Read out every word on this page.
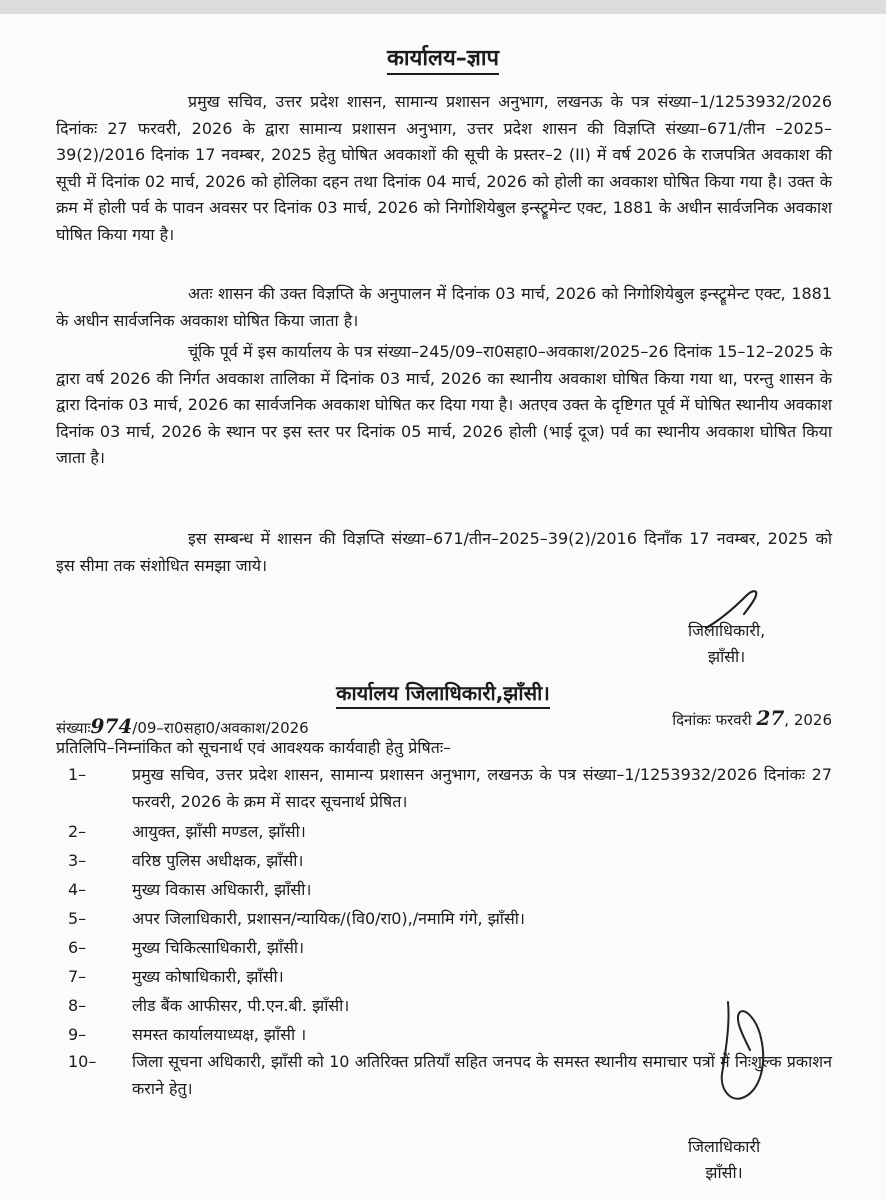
कार्यालय–ज्ञाप

प्रमुख सचिव, उत्तर प्रदेश शासन, सामान्य प्रशासन अनुभाग, लखनऊ के पत्र संख्या–1/1253932/2026 दिनांकः 27 फरवरी, 2026 के द्वारा सामान्य प्रशासन अनुभाग, उत्तर प्रदेश शासन की विज्ञप्ति संख्या–671/तीन –2025–39(2)/2016 दिनांक 17 नवम्बर, 2025 हेतु घोषित अवकाशों की सूची के प्रस्तर–2 (II) में वर्ष 2026 के राजपत्रित अवकाश की सूची में दिनांक 02 मार्च, 2026 को होलिका दहन तथा दिनांक 04 मार्च, 2026 को होली का अवकाश घोषित किया गया है। उक्त के क्रम में होली पर्व के पावन अवसर पर दिनांक 03 मार्च, 2026 को निगोशियेबुल इन्स्ट्रूमेन्ट एक्ट, 1881 के अधीन सार्वजनिक अवकाश घोषित किया गया है।

अतः शासन की उक्त विज्ञप्ति के अनुपालन में दिनांक 03 मार्च, 2026 को निगोशियेबुल इन्स्ट्रूमेन्ट एक्ट, 1881 के अधीन सार्वजनिक अवकाश घोषित किया जाता है।

चूंकि पूर्व में इस कार्यालय के पत्र संख्या–245/09–रा0सहा0–अवकाश/2025–26 दिनांक 15–12–2025 के द्वारा वर्ष 2026 की निर्गत अवकाश तालिका में दिनांक 03 मार्च, 2026 का स्थानीय अवकाश घोषित किया गया था, परन्तु शासन के द्वारा दिनांक 03 मार्च, 2026 का सार्वजनिक अवकाश घोषित कर दिया गया है। अतएव उक्त के दृष्टिगत पूर्व में घोषित स्थानीय अवकाश दिनांक 03 मार्च, 2026 के स्थान पर इस स्तर पर दिनांक 05 मार्च, 2026 होली (भाई दूज) पर्व का स्थानीय अवकाश घोषित किया जाता है।

इस सम्बन्ध में शासन की विज्ञप्ति संख्या–671/तीन–2025–39(2)/2016 दिनाँक 17 नवम्बर, 2025 को इस सीमा तक संशोधित समझा जाये।

जिलाधिकारी,
झाँसी।
कार्यालय जिलाधिकारी,झाँसी।
संख्याः974/09–रा0सहा0/अवकाश/2026	दिनांकः फरवरी 27, 2026
प्रतिलिपि–निम्नांकित को सूचनार्थ एवं आवश्यक कार्यवाही हेतु प्रेषितः–
1–	प्रमुख सचिव, उत्तर प्रदेश शासन, सामान्य प्रशासन अनुभाग, लखनऊ के पत्र संख्या–1/1253932/2026 दिनांकः 27 फरवरी, 2026 के क्रम में सादर सूचनार्थ प्रेषित।
2–	आयुक्त, झाँसी मण्डल, झाँसी।
3–	वरिष्ठ पुलिस अधीक्षक, झाँसी।
4–	मुख्य विकास अधिकारी, झाँसी।
5–	अपर जिलाधिकारी, प्रशासन/न्यायिक/(वि0/रा0),/नमामि गंगे, झाँसी।
6–	मुख्य चिकित्साधिकारी, झाँसी।
7–	मुख्य कोषाधिकारी, झाँसी।
8–	लीड बैंक आफीसर, पी.एन.बी. झाँसी।
9–	समस्त कार्यालयाध्यक्ष, झाँसी ।
10– जिला सूचना अधिकारी, झाँसी को 10 अतिरिक्त प्रतियाँ सहित जनपद के समस्त स्थानीय समाचार पत्रों में निःशुल्क प्रकाशन कराने हेतु।
जिलाधिकारी
झाँसी।
